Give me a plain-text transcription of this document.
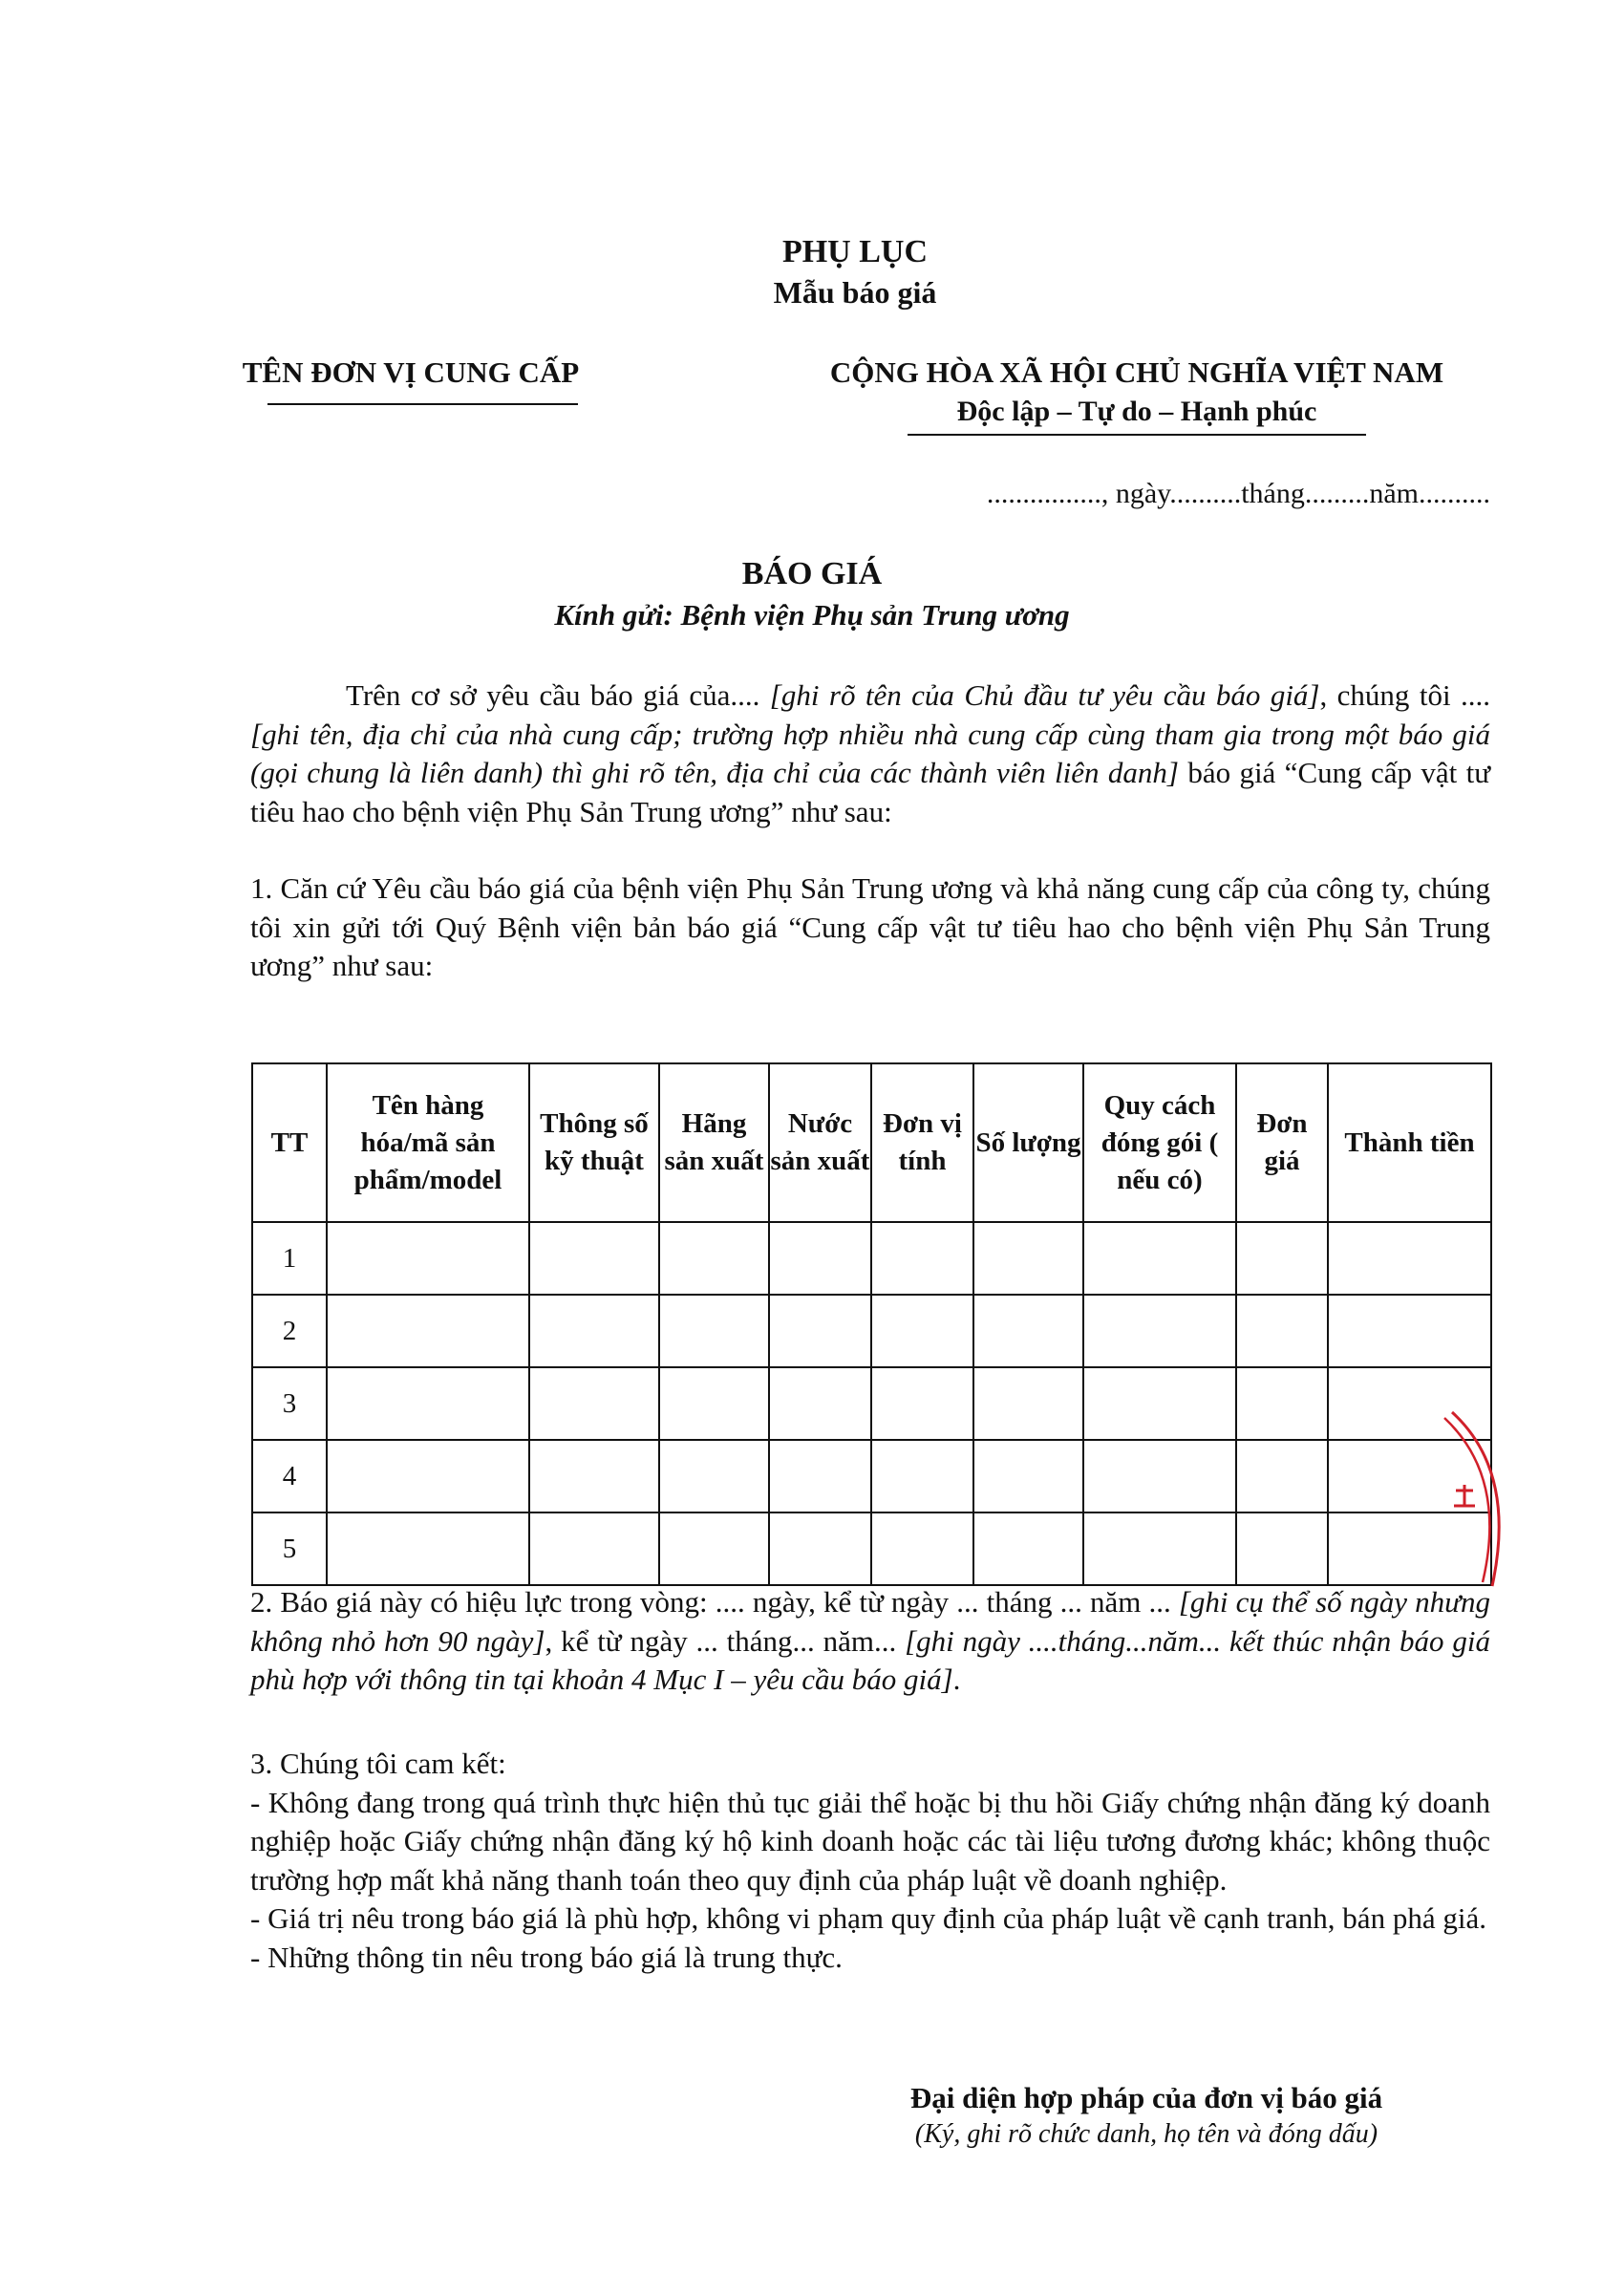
PHỤ LỤC
Mẫu báo giá
TÊN ĐƠN VỊ CUNG CẤP	CỘNG HÒA XÃ HỘI CHỦ NGHĨA VIỆT NAM
Độc lập – Tự do – Hạnh phúc
................, ngày..........tháng.........năm..........
BÁO GIÁ
Kính gửi: Bệnh viện Phụ sản Trung ương
Trên cơ sở yêu cầu báo giá của.... [ghi rõ tên của Chủ đầu tư yêu cầu báo giá], chúng tôi .... [ghi tên, địa chỉ của nhà cung cấp; trường hợp nhiều nhà cung cấp cùng tham gia trong một báo giá (gọi chung là liên danh) thì ghi rõ tên, địa chỉ của các thành viên liên danh] báo giá “Cung cấp vật tư tiêu hao cho bệnh viện Phụ Sản Trung ương” như sau:
1. Căn cứ Yêu cầu báo giá của bệnh viện Phụ Sản Trung ương và khả năng cung cấp của công ty, chúng tôi xin gửi tới Quý Bệnh viện bản báo giá “Cung cấp vật tư tiêu hao cho bệnh viện Phụ Sản Trung ương” như sau:
TT	Tên hàng hóa/mã sản phẩm/model	Thông số kỹ thuật	Hãng sản xuất	Nước sản xuất	Đơn vị tính	Số lượng	Quy cách đóng gói ( nếu có)	Đơn giá	Thành tiền
1									
2									
3									
4									
5									
2. Báo giá này có hiệu lực trong vòng: .... ngày, kể từ ngày ... tháng ... năm ... [ghi cụ thể số ngày nhưng không nhỏ hơn 90 ngày], kể từ ngày ... tháng... năm... [ghi ngày ....tháng...năm... kết thúc nhận báo giá phù hợp với thông tin tại khoản 4 Mục I – yêu cầu báo giá].

3. Chúng tôi cam kết:

- Không đang trong quá trình thực hiện thủ tục giải thể hoặc bị thu hồi Giấy chứng nhận đăng ký doanh nghiệp hoặc Giấy chứng nhận đăng ký hộ kinh doanh hoặc các tài liệu tương đương khác; không thuộc trường hợp mất khả năng thanh toán theo quy định của pháp luật về doanh nghiệp.

- Giá trị nêu trong báo giá là phù hợp, không vi phạm quy định của pháp luật về cạnh tranh, bán phá giá.

- Những thông tin nêu trong báo giá là trung thực.

Đại diện hợp pháp của đơn vị báo giá
(Ký, ghi rõ chức danh, họ tên và đóng dấu)
